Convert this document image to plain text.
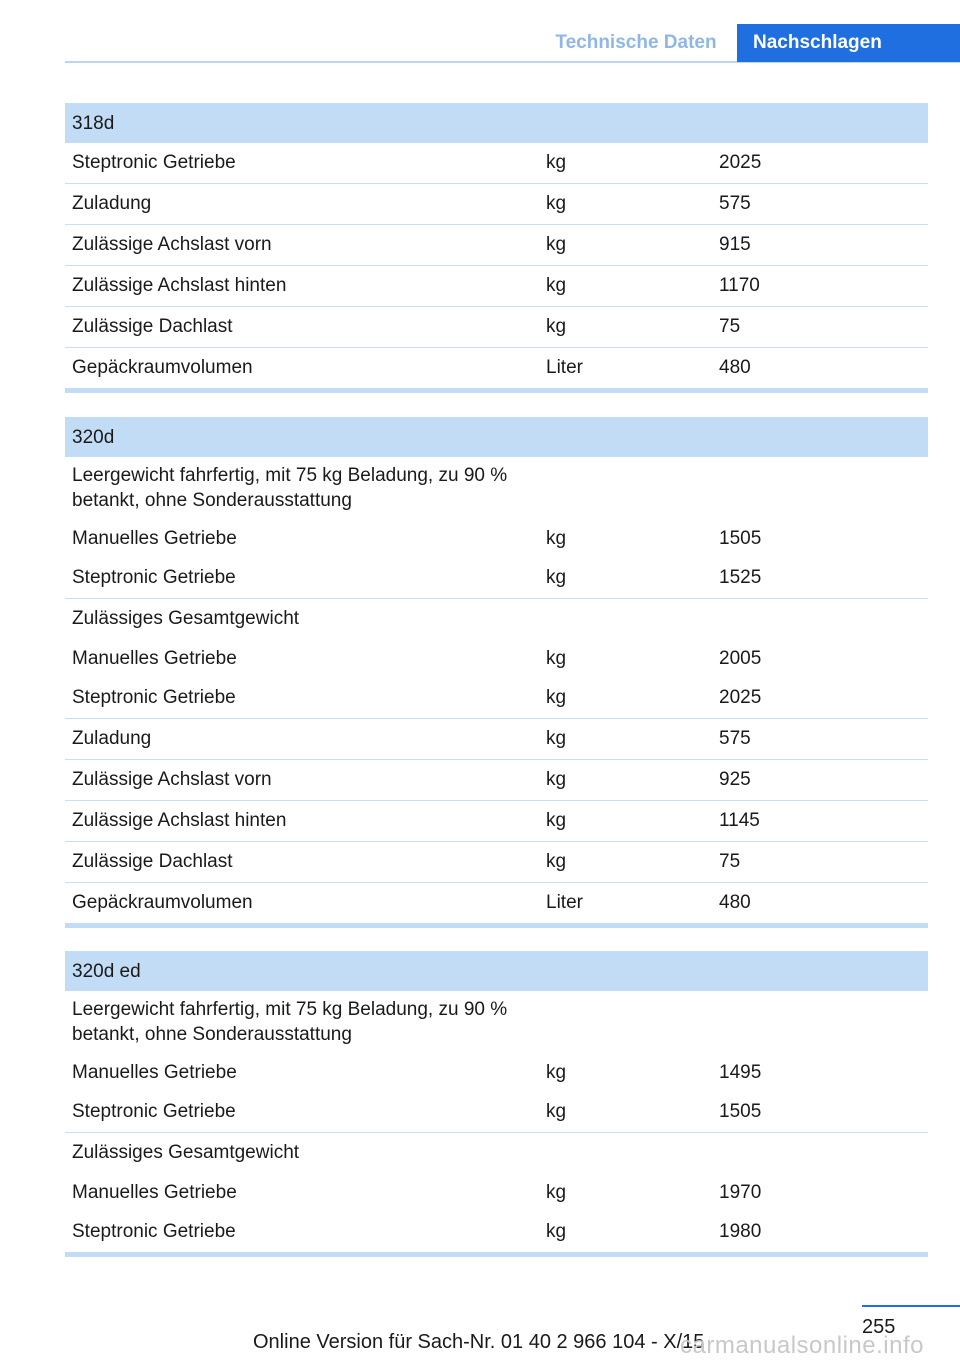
Technische Daten	Nachschlagen
318d
Steptronic Getriebe	kg	2025
Zuladung	kg	575
Zulässige Achslast vorn	kg	915
Zulässige Achslast hinten	kg	1170
Zulässige Dachlast	kg	75
Gepäckraumvolumen	Liter	480
320d
Leergewicht fahrfertig, mit 75 kg Beladung, zu 90 % betankt, ohne Sonderausstattung
Manuelles Getriebe	kg	1505
Steptronic Getriebe	kg	1525
Zulässiges Gesamtgewicht
Manuelles Getriebe	kg	2005
Steptronic Getriebe	kg	2025
Zuladung	kg	575
Zulässige Achslast vorn	kg	925
Zulässige Achslast hinten	kg	1145
Zulässige Dachlast	kg	75
Gepäckraumvolumen	Liter	480
320d ed
Leergewicht fahrfertig, mit 75 kg Beladung, zu 90 % betankt, ohne Sonderausstattung
Manuelles Getriebe	kg	1495
Steptronic Getriebe	kg	1505
Zulässiges Gesamtgewicht
Manuelles Getriebe	kg	1970
Steptronic Getriebe	kg	1980
255
Online Version für Sach-Nr. 01 40 2 966 104 - X/15
carmanualsonline.info
